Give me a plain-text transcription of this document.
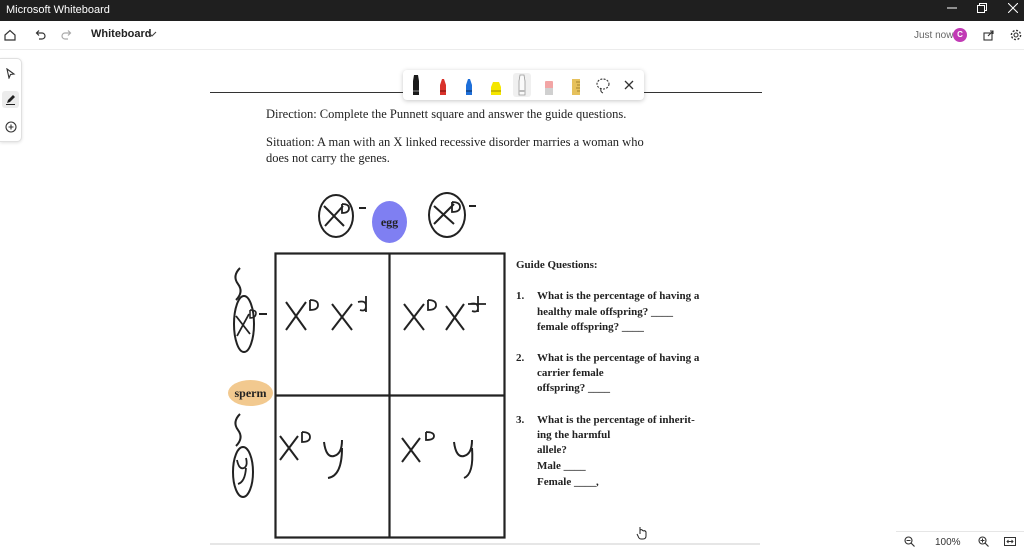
Microsoft Whiteboard
Whiteboard	Just now C
Direction: Complete the Punnett square and answer the guide questions.
Situation: A man with an X linked recessive disorder marries a woman who
does not carry the genes.
egg
sperm
Guide Questions:
1. What is the percentage of having a
healthy male offspring? ____
female offspring? ____
2. What is the percentage of having a
carrier female
offspring? ____
3. What is the percentage of inherit-
ing the harmful
allele?
Male ____
Female ____,
100%
